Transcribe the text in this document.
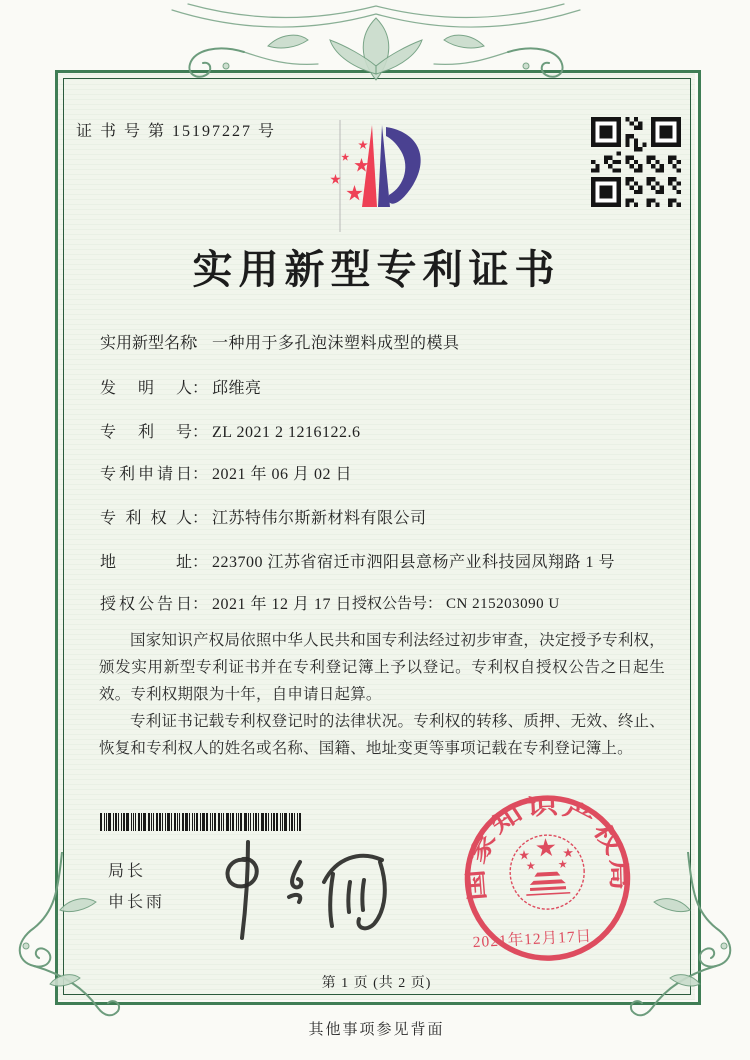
证 书 号 第 15197227 号
实用新型专利证书
实用新型名称
： 一种用于多孔泡沫塑料成型的模具
发明人 ： 邱维亮
专利号 ： ZL 2021 2 1216122.6
专利申请日 ： 2021 年 06 月 02 日
专利权人 ： 江苏特伟尔斯新材料有限公司
地址 ： 223700 江苏省宿迁市泗阳县意杨产业科技园凤翔路 1 号
授权公告日 ： 2021 年 12 月 17 日 授权公告号 ： CN 215203090 U

国家知识产权局依照中华人民共和国专利法经过初步审查，决定授予专利权，颁发实用新型专利证书并在专利登记簿上予以登记。专利权自授权公告之日起生效。专利权期限为十年，自申请日起算。

专利证书记载专利权登记时的法律状况。专利权的转移、质押、无效、终止、恢复和专利权人的姓名或名称、国籍、地址变更等事项记载在专利登记簿上。

局长
申长雨
国家知识产权局
2021年12月17日
第 1 页 (共 2 页)
其他事项参见背面
